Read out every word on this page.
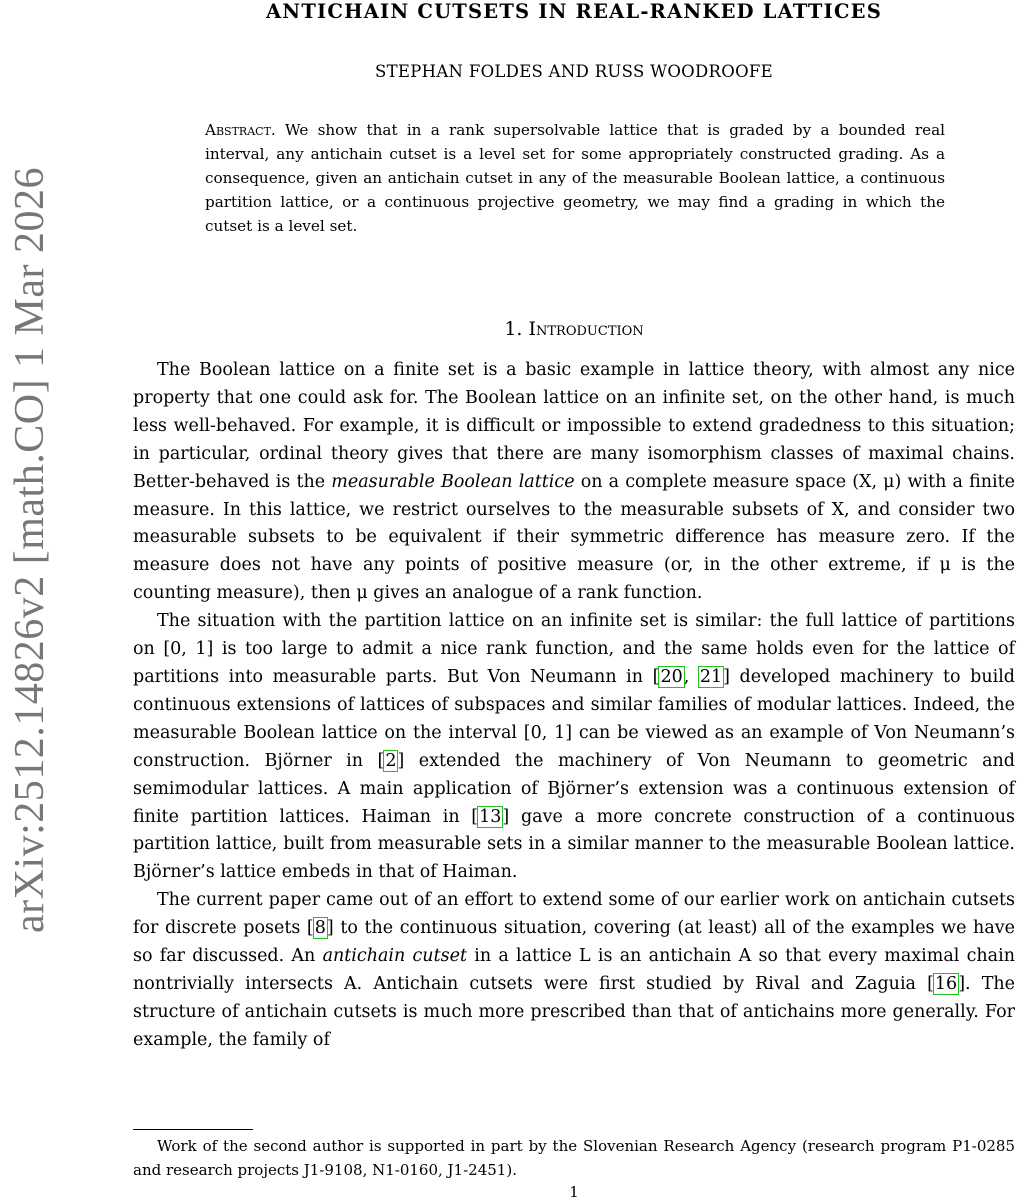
arXiv:2512.14826v2 [math.CO] 1 Mar 2026
ANTICHAIN CUTSETS IN REAL-RANKED LATTICES
STEPHAN FOLDES AND RUSS WOODROOFE
Abstract. We show that in a rank supersolvable lattice that is graded by a bounded real interval, any antichain cutset is a level set for some appropriately constructed grading. As a consequence, given an antichain cutset in any of the measurable Boolean lattice, a continuous partition lattice, or a continuous projective geometry, we may find a grading in which the cutset is a level set.
1. Introduction

The Boolean lattice on a finite set is a basic example in lattice theory, with almost any nice property that one could ask for. The Boolean lattice on an infinite set, on the other hand, is much less well-behaved. For example, it is difficult or impossible to extend gradedness to this situation; in particular, ordinal theory gives that there are many isomorphism classes of maximal chains. Better-behaved is the measurable Boolean lattice on a complete measure space (X, μ) with a finite measure. In this lattice, we restrict ourselves to the measurable subsets of X, and consider two measurable subsets to be equivalent if their symmetric difference has measure zero. If the measure does not have any points of positive measure (or, in the other extreme, if μ is the counting measure), then μ gives an analogue of a rank function.

The situation with the partition lattice on an infinite set is similar: the full lattice of partitions on [0, 1] is too large to admit a nice rank function, and the same holds even for the lattice of partitions into measurable parts. But Von Neumann in [20, 21] developed machinery to build continuous extensions of lattices of subspaces and similar families of modular lattices. Indeed, the measurable Boolean lattice on the interval [0, 1] can be viewed as an example of Von Neumann’s construction. Björner in [2] extended the machinery of Von Neumann to geometric and semimodular lattices. A main application of Björner’s extension was a continuous extension of finite partition lattices. Haiman in [13] gave a more concrete construction of a continuous partition lattice, built from measurable sets in a similar manner to the measurable Boolean lattice. Björner’s lattice embeds in that of Haiman.

The current paper came out of an effort to extend some of our earlier work on antichain cutsets for discrete posets [8] to the continuous situation, covering (at least) all of the examples we have so far discussed. An antichain cutset in a lattice L is an antichain A so that every maximal chain nontrivially intersects A. Antichain cutsets were first studied by Rival and Zaguia [16]. The structure of antichain cutsets is much more prescribed than that of antichains more generally. For example, the family of

Work of the second author is supported in part by the Slovenian Research Agency (research program P1-0285 and research projects J1-9108, N1-0160, J1-2451).

1
